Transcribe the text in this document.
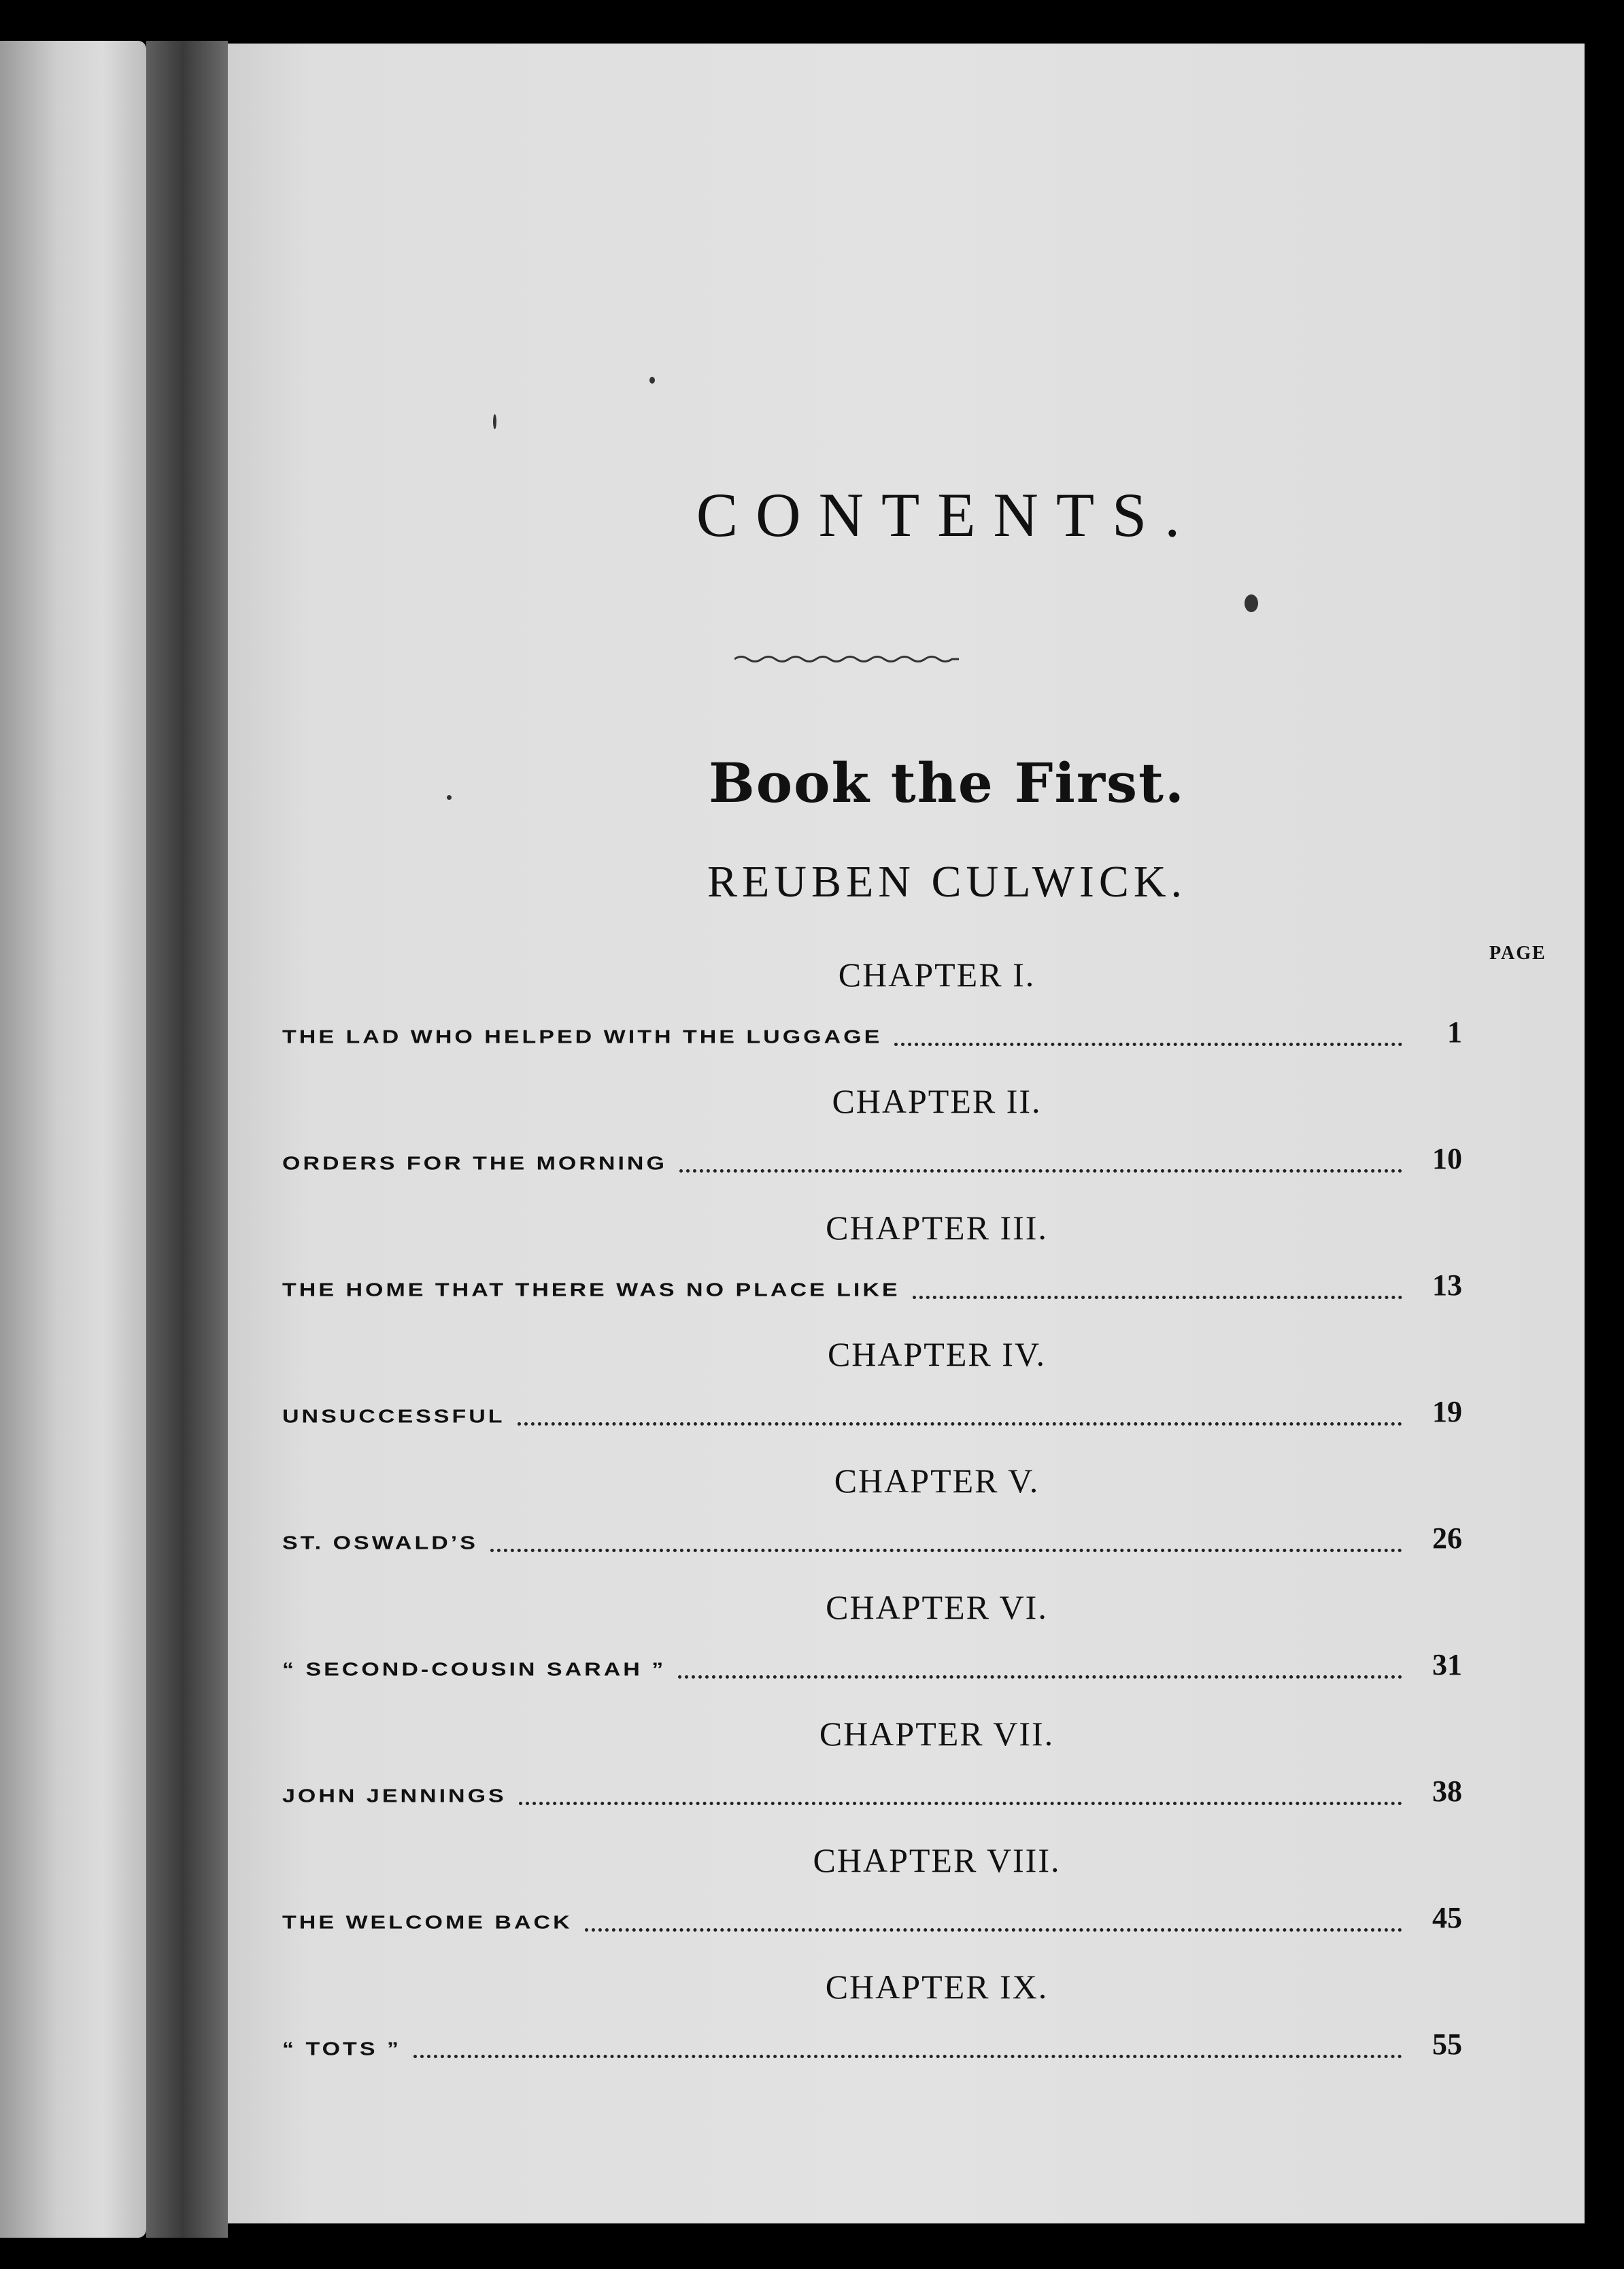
CONTENTS.
Book the First.
REUBEN CULWICK.
PAGE
CHAPTER I.
THE LAD WHO HELPED WITH THE LUGGAGE	1
CHAPTER II.
ORDERS FOR THE MORNING	10
CHAPTER III.
THE HOME THAT THERE WAS NO PLACE LIKE	13
CHAPTER IV.
UNSUCCESSFUL	19
CHAPTER V.
ST. OSWALD’S	26
CHAPTER VI.
“ SECOND-COUSIN SARAH ”	31
CHAPTER VII.
JOHN JENNINGS	38
CHAPTER VIII.
THE WELCOME BACK	45
CHAPTER IX.
“ TOTS ”	55
